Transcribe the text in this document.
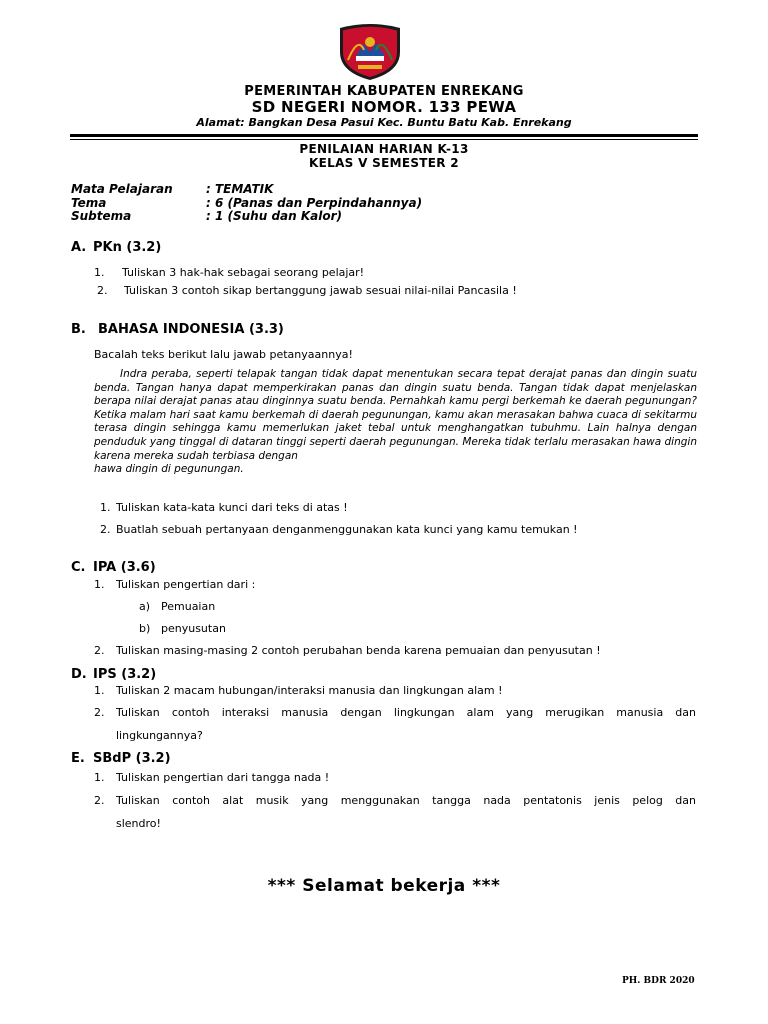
PEMERINTAH KABUPATEN ENREKANG
SD NEGERI NOMOR. 133 PEWA
Alamat: Bangkan Desa Pasui Kec. Buntu Batu Kab. Enrekang
PENILAIAN HARIAN K-13
KELAS V SEMESTER 2
Mata Pelajaran	: TEMATIK
Tema	: 6 (Panas dan Perpindahannya)
Subtema	: 1 (Suhu dan Kalor)
A. PKn (3.2)
1. Tuliskan 3 hak-hak sebagai seorang pelajar!
2. Tuliskan 3 contoh sikap bertanggung jawab sesuai nilai-nilai Pancasila !
B. BAHASA INDONESIA (3.3)
Bacalah teks berikut lalu jawab petanyaannya!

Indra peraba, seperti telapak tangan tidak dapat menentukan secara tepat derajat panas dan dingin suatu benda. Tangan hanya dapat memperkirakan panas dan dingin suatu benda. Tangan tidak dapat menjelaskan berapa nilai derajat panas atau dinginnya suatu benda. Pernahkah kamu pergi berkemah ke daerah pegunungan? Ketika malam hari saat kamu berkemah di daerah pegunungan, kamu akan merasakan bahwa cuaca di sekitarmu terasa dingin sehingga kamu memerlukan jaket tebal untuk menghangatkan tubuhmu. Lain halnya dengan penduduk yang tinggal di dataran tinggi seperti daerah pegunungan. Mereka tidak terlalu merasakan hawa dingin karena mereka sudah terbiasa dengan

hawa dingin di pegunungan.

1. Tuliskan kata-kata kunci dari teks di atas !
2. Buatlah sebuah pertanyaan denganmenggunakan kata kunci yang kamu temukan !
C. IPA (3.6)
1. Tuliskan pengertian dari :
a) Pemuaian
b) penyusutan
2. Tuliskan masing-masing 2 contoh perubahan benda karena pemuaian dan penyusutan !
D. IPS (3.2)
1. Tuliskan 2 macam hubungan/interaksi manusia dan lingkungan alam !
2. Tuliskan contoh interaksi manusia dengan lingkungan alam yang merugikan manusia dan
lingkungannya?
E. SBdP (3.2)
1. Tuliskan pengertian dari tangga nada !
2. Tuliskan contoh alat musik yang menggunakan tangga nada pentatonis jenis pelog dan
slendro!
*** Selamat bekerja ***
PH. BDR 2020
